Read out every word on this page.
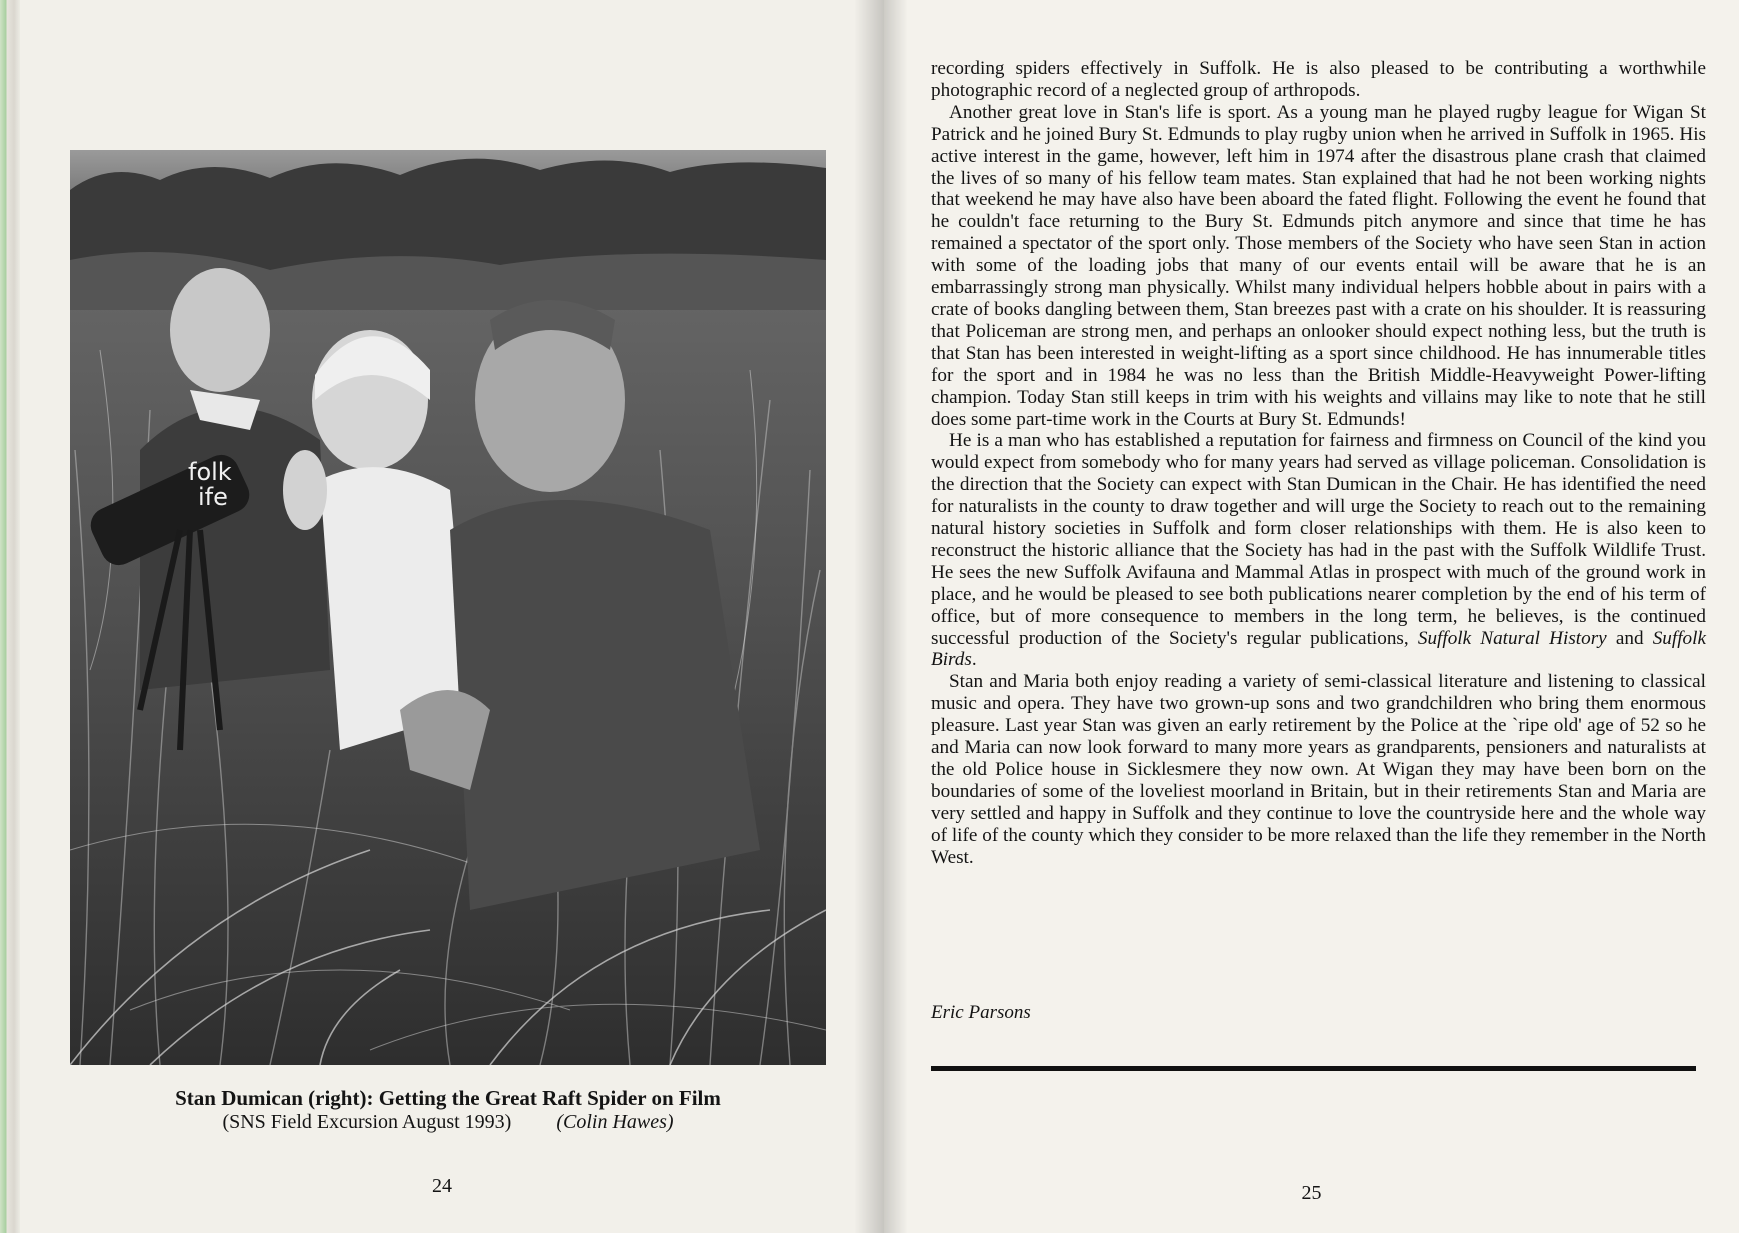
folk
ife
Stan Dumican (right): Getting the Great Raft Spider on Film
(SNS Field Excursion August 1993) (Colin Hawes)
24

recording spiders effectively in Suffolk. He is also pleased to be contributing a worthwhile photographic record of a neglected group of arthropods.

Another great love in Stan's life is sport. As a young man he played rugby league for Wigan St Patrick and he joined Bury St. Edmunds to play rugby union when he arrived in Suffolk in 1965. His active interest in the game, however, left him in 1974 after the disastrous plane crash that claimed the lives of so many of his fellow team mates. Stan explained that had he not been working nights that weekend he may have also have been aboard the fated flight. Following the event he found that he couldn't face returning to the Bury St. Edmunds pitch anymore and since that time he has remained a spectator of the sport only. Those members of the Society who have seen Stan in action with some of the loading jobs that many of our events entail will be aware that he is an embarrassingly strong man physically. Whilst many individual helpers hobble about in pairs with a crate of books dangling between them, Stan breezes past with a crate on his shoulder. It is reassuring that Policeman are strong men, and perhaps an onlooker should expect nothing less, but the truth is that Stan has been interested in weight-lifting as a sport since childhood. He has innumerable titles for the sport and in 1984 he was no less than the British Middle-Heavyweight Power-lifting champion. Today Stan still keeps in trim with his weights and villains may like to note that he still does some part-time work in the Courts at Bury St. Edmunds!

He is a man who has established a reputation for fairness and firmness on Council of the kind you would expect from somebody who for many years had served as village policeman. Consolidation is the direction that the Society can expect with Stan Dumican in the Chair. He has identified the need for naturalists in the county to draw together and will urge the Society to reach out to the remaining natural history societies in Suffolk and form closer relationships with them. He is also keen to reconstruct the historic alliance that the Society has had in the past with the Suffolk Wildlife Trust. He sees the new Suffolk Avifauna and Mammal Atlas in prospect with much of the ground work in place, and he would be pleased to see both publications nearer completion by the end of his term of office, but of more consequence to members in the long term, he believes, is the continued successful production of the Society's regular publications, Suffolk Natural History and Suffolk Birds.

Stan and Maria both enjoy reading a variety of semi-classical literature and listening to classical music and opera. They have two grown-up sons and two grandchildren who bring them enormous pleasure. Last year Stan was given an early retirement by the Police at the `ripe old' age of 52 so he and Maria can now look forward to many more years as grandparents, pensioners and naturalists at the old Police house in Sicklesmere they now own. At Wigan they may have been born on the boundaries of some of the loveliest moorland in Britain, but in their retirements Stan and Maria are very settled and happy in Suffolk and they continue to love the countryside here and the whole way of life of the county which they consider to be more relaxed than the life they remember in the North West.

Eric Parsons
25
